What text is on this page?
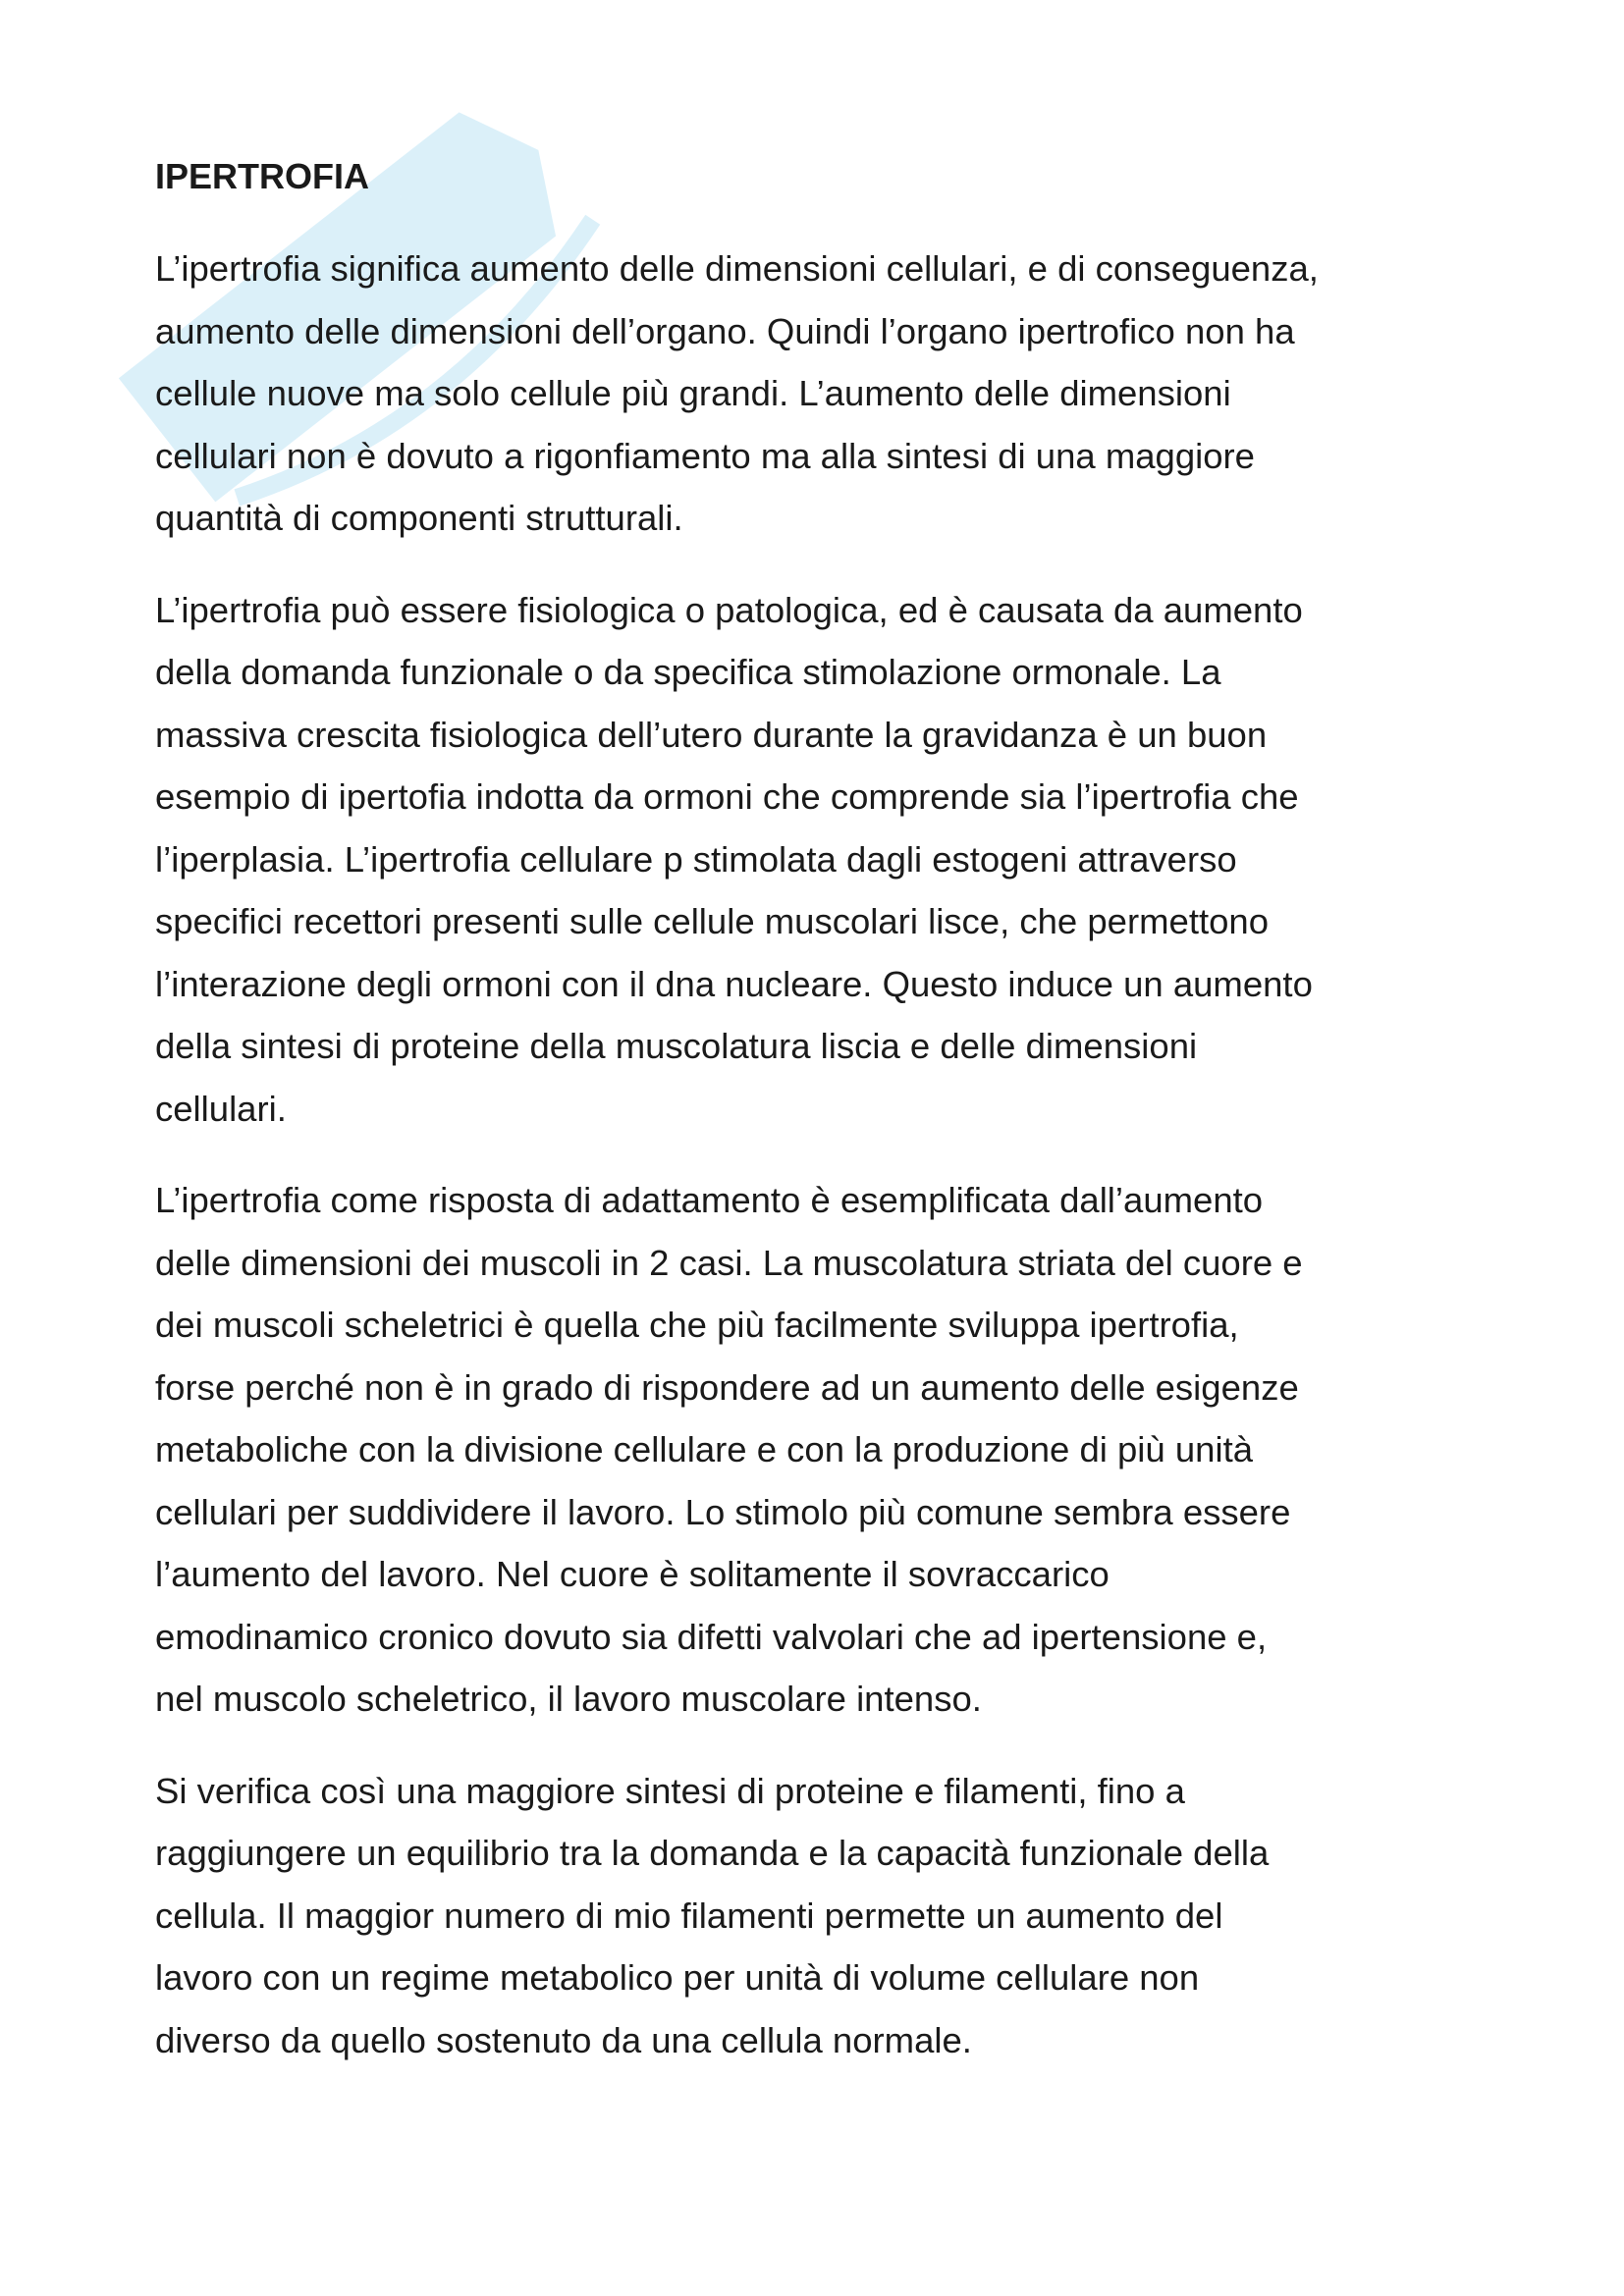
IPERTROFIA
L’ipertrofia significa aumento delle dimensioni cellulari, e di conseguenza,
aumento delle dimensioni dell’organo. Quindi l’organo ipertrofico non ha
cellule nuove ma solo cellule più grandi. L’aumento delle dimensioni
cellulari non è dovuto a rigonfiamento ma alla sintesi di una maggiore
quantità di componenti strutturali.
L’ipertrofia può essere fisiologica o patologica, ed è causata da aumento
della domanda funzionale o da specifica stimolazione ormonale. La
massiva crescita fisiologica dell’utero durante la gravidanza è un buon
esempio di ipertofia indotta da ormoni che comprende sia l’ipertrofia che
l’iperplasia. L’ipertrofia cellulare p stimolata dagli estogeni attraverso
specifici recettori presenti sulle cellule muscolari lisce, che permettono
l’interazione degli ormoni con il dna nucleare. Questo induce un aumento
della sintesi di proteine della muscolatura liscia e delle dimensioni
cellulari.
L’ipertrofia come risposta di adattamento è esemplificata dall’aumento
delle dimensioni dei muscoli in 2 casi. La muscolatura striata del cuore e
dei muscoli scheletrici è quella che più facilmente sviluppa ipertrofia,
forse perché non è in grado di rispondere ad un aumento delle esigenze
metaboliche con la divisione cellulare e con la produzione di più unità
cellulari per suddividere il lavoro. Lo stimolo più comune sembra essere
l’aumento del lavoro. Nel cuore è solitamente il sovraccarico
emodinamico cronico dovuto sia difetti valvolari che ad ipertensione e,
nel muscolo scheletrico, il lavoro muscolare intenso.
Si verifica così una maggiore sintesi di proteine e filamenti, fino a
raggiungere un equilibrio tra la domanda e la capacità funzionale della
cellula. Il maggior numero di mio filamenti permette un aumento del
lavoro con un regime metabolico per unità di volume cellulare non
diverso da quello sostenuto da una cellula normale.
